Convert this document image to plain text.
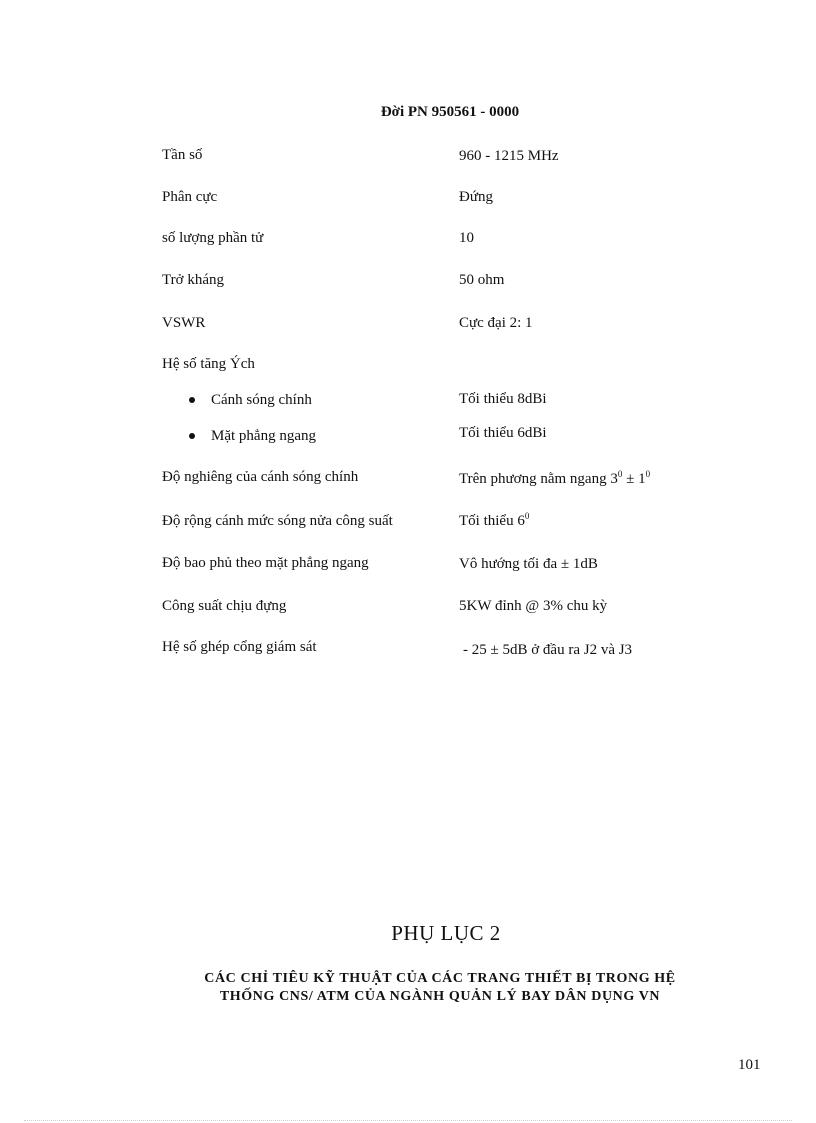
Đời PN 950561 - 0000
Tần số	960 - 1215 MHz
Phân cực	Đứng
số lượng phần tử	10
Trở kháng	50 ohm
VSWR	Cực đại 2: 1
Hệ số tăng Ých
Cánh sóng chính	Tối thiểu 8dBi
Mặt phẳng ngang	Tối thiểu 6dBi
Độ nghiêng của cánh sóng chính	Trên phương nằm ngang $3^0 \pm 1^0$
Độ rộng cánh mức sóng nửa công suất	Tối thiểu $6^0$
Độ bao phủ theo mặt phẳng ngang	Vô hướng tối đa ± 1dB
Công suất chịu đựng	5KW đỉnh @ 3% chu kỳ
Hệ số ghép cổng giám sát	- 25 ± 5dB ở đầu ra J2 và J3
PHỤ LỤC 2
CÁC CHỈ TIÊU KỸ THUẬT CỦA CÁC TRANG THIẾT BỊ TRONG HỆ
THỐNG CNS/ ATM CỦA NGÀNH QUẢN LÝ BAY DÂN DỤNG VN
101
